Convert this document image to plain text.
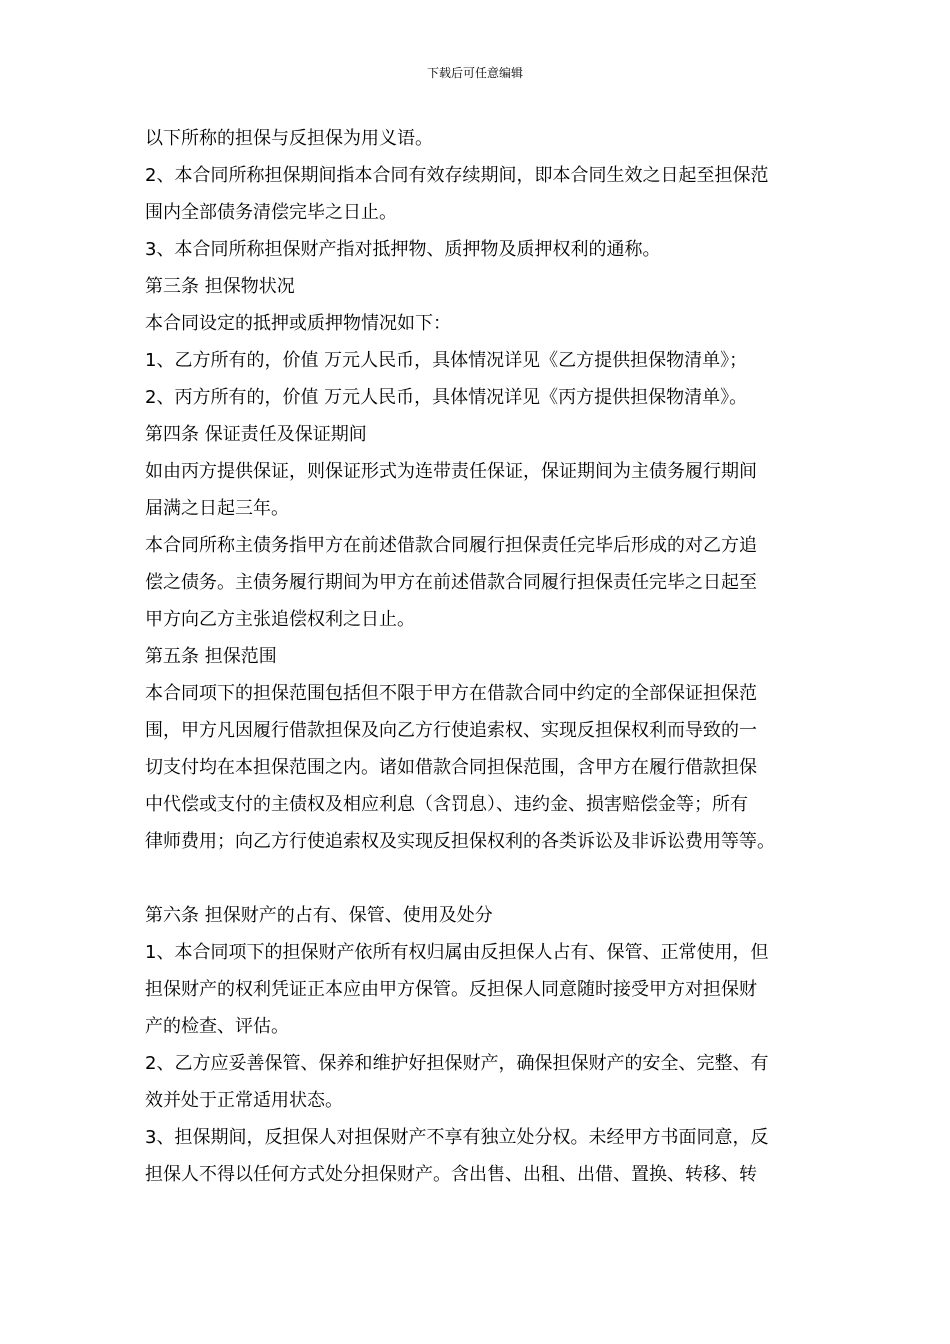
下载后可任意编辑
以下所称的担保与反担保为用义语。
2、本合同所称担保期间指本合同有效存续期间，即本合同生效之日起至担保范
围内全部债务清偿完毕之日止。
3、本合同所称担保财产指对抵押物、质押物及质押权利的通称。
第三条 担保物状况
本合同设定的抵押或质押物情况如下：
1、乙方所有的，价值 万元人民币，具体情况详见《乙方提供担保物清单》；
2、丙方所有的，价值 万元人民币，具体情况详见《丙方提供担保物清单》。
第四条 保证责任及保证期间
如由丙方提供保证，则保证形式为连带责任保证，保证期间为主债务履行期间
届满之日起三年。
本合同所称主债务指甲方在前述借款合同履行担保责任完毕后形成的对乙方追
偿之债务。主债务履行期间为甲方在前述借款合同履行担保责任完毕之日起至
甲方向乙方主张追偿权利之日止。
第五条 担保范围
本合同项下的担保范围包括但不限于甲方在借款合同中约定的全部保证担保范
围，甲方凡因履行借款担保及向乙方行使追索权、实现反担保权利而导致的一
切支付均在本担保范围之内。诸如借款合同担保范围，含甲方在履行借款担保
中代偿或支付的主债权及相应利息（含罚息）、违约金、损害赔偿金等；所有
律师费用；向乙方行使追索权及实现反担保权利的各类诉讼及非诉讼费用等等。
第六条 担保财产的占有、保管、使用及处分
1、本合同项下的担保财产依所有权归属由反担保人占有、保管、正常使用，但
担保财产的权利凭证正本应由甲方保管。反担保人同意随时接受甲方对担保财
产的检查、评估。
2、乙方应妥善保管、保养和维护好担保财产，确保担保财产的安全、完整、有
效并处于正常适用状态。
3、担保期间，反担保人对担保财产不享有独立处分权。未经甲方书面同意，反
担保人不得以任何方式处分担保财产。含出售、出租、出借、置换、转移、转
